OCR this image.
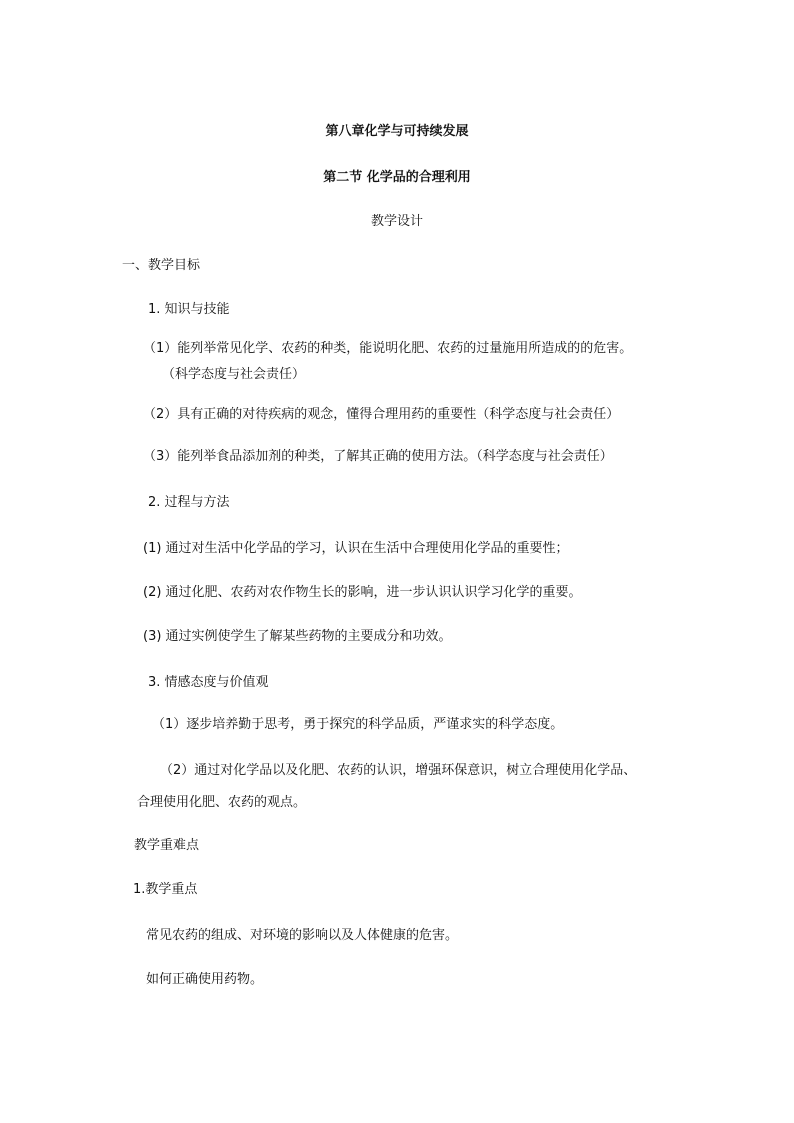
第八章化学与可持续发展
第二节 化学品的合理利用
教学设计
一、教学目标
1. 知识与技能
（1）能列举常见化学、农药的种类，能说明化肥、农药的过量施用所造成的的危害。
（科学态度与社会责任）
（2）具有正确的对待疾病的观念，懂得合理用药的重要性（科学态度与社会责任）
（3）能列举食品添加剂的种类，了解其正确的使用方法。（科学态度与社会责任）
2. 过程与方法
(1) 通过对生活中化学品的学习，认识在生活中合理使用化学品的重要性；
(2) 通过化肥、农药对农作物生长的影响，进一步认识认识学习化学的重要。
(3) 通过实例使学生了解某些药物的主要成分和功效。
3. 情感态度与价值观
（1）逐步培养勤于思考，勇于探究的科学品质，严谨求实的科学态度。
（2）通过对化学品以及化肥、农药的认识，增强环保意识，树立合理使用化学品、
合理使用化肥、农药的观点。
教学重难点
1.教学重点
常见农药的组成、对环境的影响以及人体健康的危害。
如何正确使用药物。
